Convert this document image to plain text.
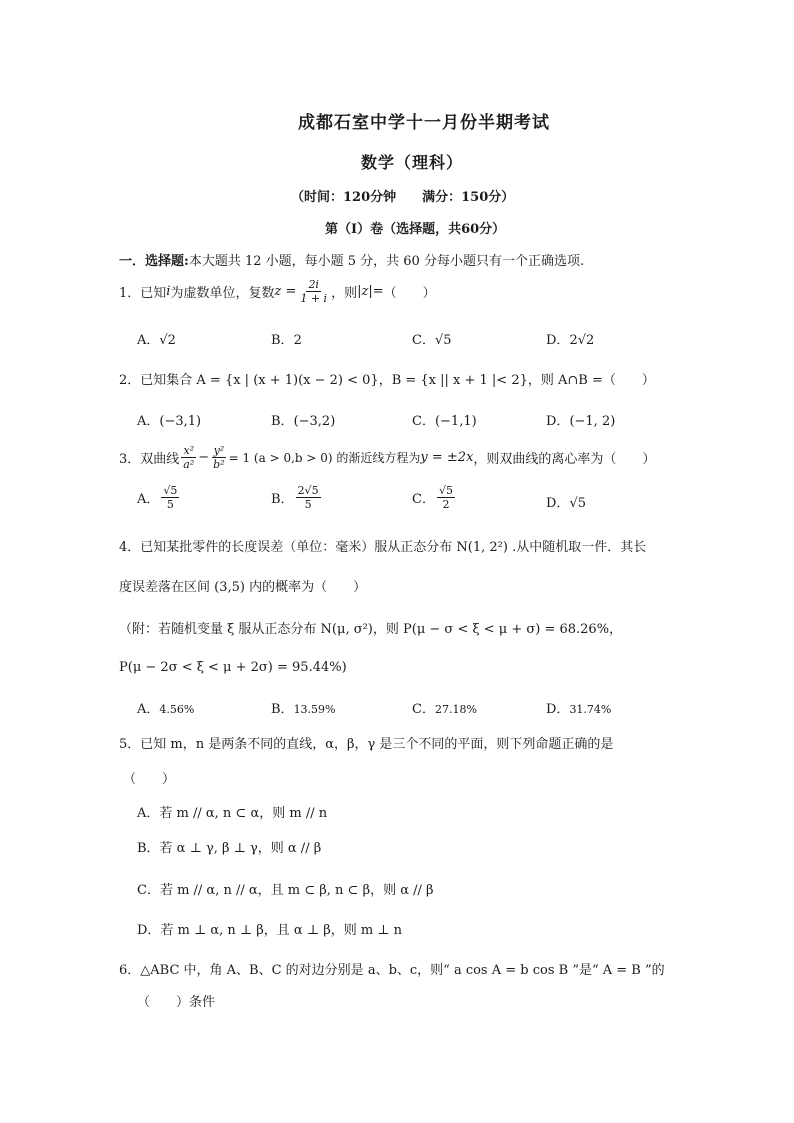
成都石室中学十一月份半期考试
数学（理科）
（时间：120分钟　　满分：150分）
第（Ⅰ）卷（选择题，共60分）
一．选择题:本大题共 12 小题，每小题 5 分，共 60 分每小题只有一个正确选项.
1．已知 i 为虚数单位，复数 $z = \frac{2i}{1 + i}$ ，则 |z|= （　　）
A．√2	B．2	C．√5	D．2√2
2．已知集合 A = {x | (x + 1)(x − 2) < 0}，B = {x || x + 1 |< 2}，则 A∩B =（　　）
A．(−3,1)	B．(−3,2)	C．(−1,1)	D．(−1, 2)
3．双曲线 $\frac{\text{x²}}{\text{a²}} - \frac{\text{y²}}{\text{b²}} = 1$ (a > 0,b > 0) 的渐近线方程为 y = ±2x ，则双曲线的离心率为（　　）
A． $\frac{√5}{5}$	B． $\frac{2√5}{5}$	C． $\frac{√5}{2}$	D．√5
4．已知某批零件的长度误差（单位：毫米）服从正态分布 N(1, 2²) .从中随机取一件．其长
度误差落在区间 (3,5) 内的概率为（　　）
（附：若随机变量 ξ 服从正态分布 N(μ, σ²)，则 P(μ − σ < ξ < μ + σ) = 68.26%，
P(μ − 2σ < ξ < μ + 2σ) = 95.44%)
A．4.56%	B．13.59%	C．27.18%	D．31.74%
5．已知 m，n 是两条不同的直线，α，β，γ 是三个不同的平面，则下列命题正确的是
（　　）
A．若 m // α, n ⊂ α，则 m // n
B．若 α ⊥ γ, β ⊥ γ，则 α // β
C．若 m // α, n // α，且 m ⊂ β, n ⊂ β，则 α // β
D．若 m ⊥ α, n ⊥ β，且 α ⊥ β，则 m ⊥ n
6．△ABC 中，角 A、B、C 的对边分别是 a、b、c，则“ a cos A = b cos B ”是“ A = B ”的
（　　）条件
